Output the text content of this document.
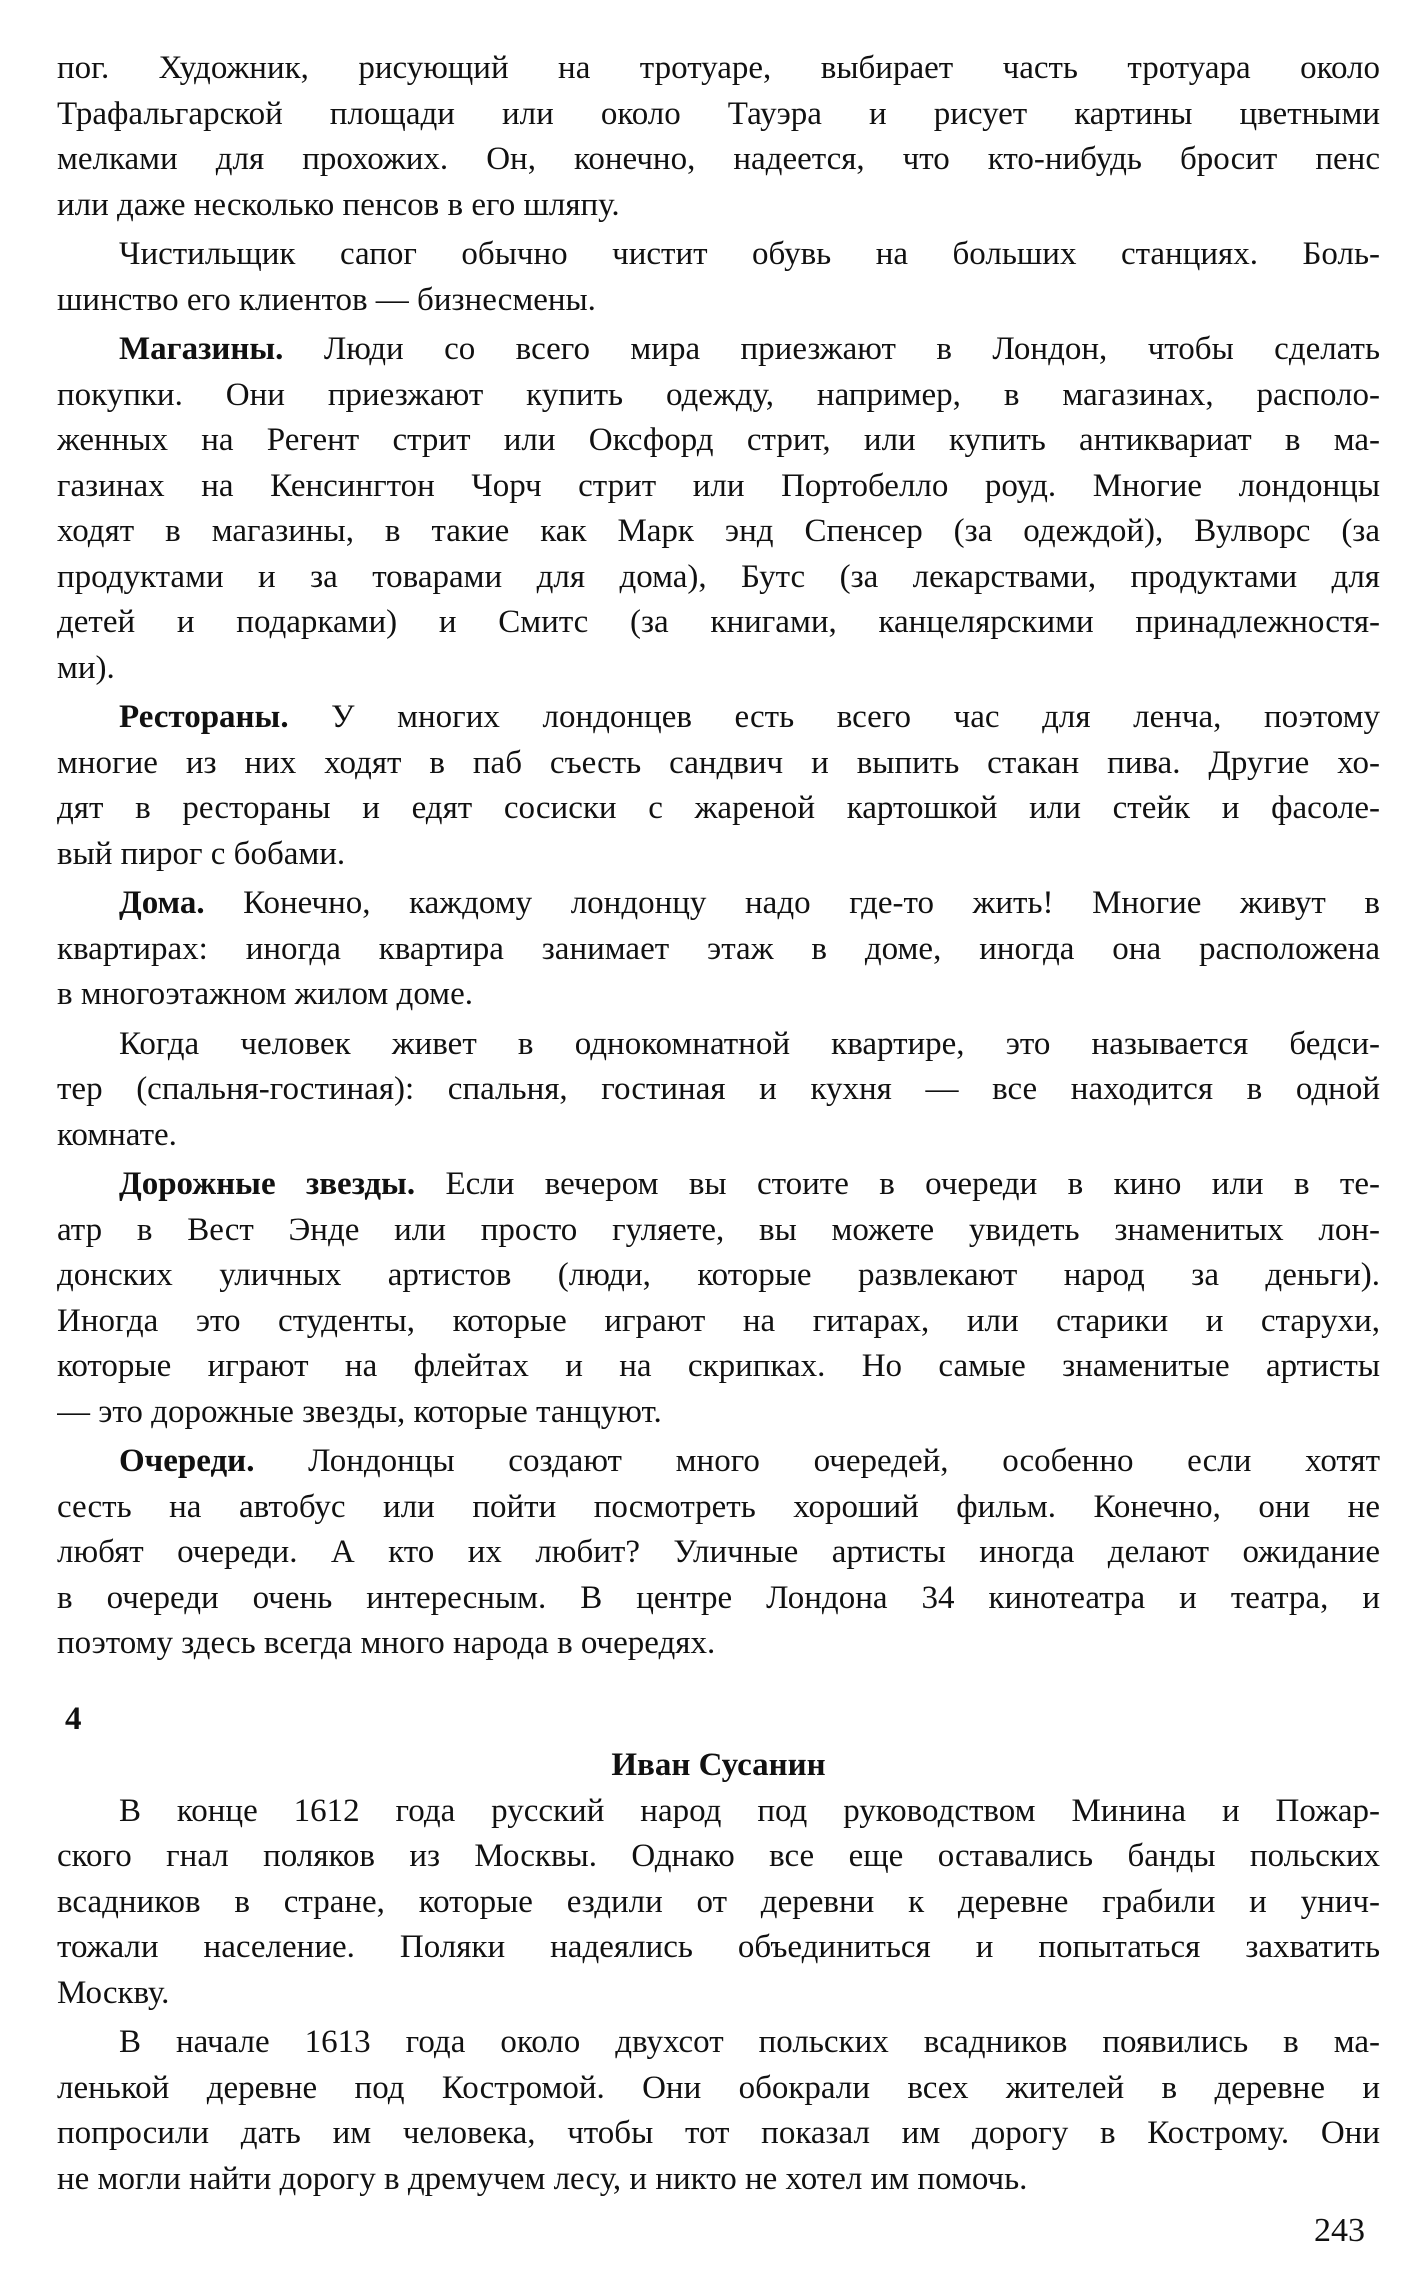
пог. Художник, рисующий на тротуаре, выбирает часть тротуара около
Трафальгарской площади или около Тауэра и рисует картины цветными
мелками для прохожих. Он, конечно, надеется, что кто-нибудь бросит пенс
или даже несколько пенсов в его шляпу.
Чистильщик сапог обычно чистит обувь на больших станциях. Боль-
шинство его клиентов — бизнесмены.
Магазины. Люди со всего мира приезжают в Лондон, чтобы сделать
покупки. Они приезжают купить одежду, например, в магазинах, располо-
женных на Регент стрит или Оксфорд стрит, или купить антиквариат в ма-
газинах на Кенсингтон Чорч стрит или Портобелло роуд. Многие лондонцы
ходят в магазины, в такие как Марк энд Спенсер (за одеждой), Вулворс (за
продуктами и за товарами для дома), Бутс (за лекарствами, продуктами для
детей и подарками) и Смитс (за книгами, канцелярскими принадлежностя-
ми).
Рестораны. У многих лондонцев есть всего час для ленча, поэтому
многие из них ходят в паб съесть сандвич и выпить стакан пива. Другие хо-
дят в рестораны и едят сосиски с жареной картошкой или стейк и фасоле-
вый пирог с бобами.
Дома. Конечно, каждому лондонцу надо где-то жить! Многие живут в
квартирах: иногда квартира занимает этаж в доме, иногда она расположена
в многоэтажном жилом доме.
Когда человек живет в однокомнатной квартире, это называется бедси-
тер (спальня-гостиная): спальня, гостиная и кухня — все находится в одной
комнате.
Дорожные звезды. Если вечером вы стоите в очереди в кино или в те-
атр в Вест Энде или просто гуляете, вы можете увидеть знаменитых лон-
донских уличных артистов (люди, которые развлекают народ за деньги).
Иногда это студенты, которые играют на гитарах, или старики и старухи,
которые играют на флейтах и на скрипках. Но самые знаменитые артисты
— это дорожные звезды, которые танцуют.
Очереди. Лондонцы создают много очередей, особенно если хотят
сесть на автобус или пойти посмотреть хороший фильм. Конечно, они не
любят очереди. А кто их любит? Уличные артисты иногда делают ожидание
в очереди очень интересным. В центре Лондона 34 кинотеатра и театра, и
поэтому здесь всегда много народа в очередях.
4
Иван Сусанин
В конце 1612 года русский народ под руководством Минина и Пожар-
ского гнал поляков из Москвы. Однако все еще оставались банды польских
всадников в стране, которые ездили от деревни к деревне грабили и унич-
тожали население. Поляки надеялись объединиться и попытаться захватить
Москву.
В начале 1613 года около двухсот польских всадников появились в ма-
ленькой деревне под Костромой. Они обокрали всех жителей в деревне и
попросили дать им человека, чтобы тот показал им дорогу в Кострому. Они
не могли найти дорогу в дремучем лесу, и никто не хотел им помочь.
243
